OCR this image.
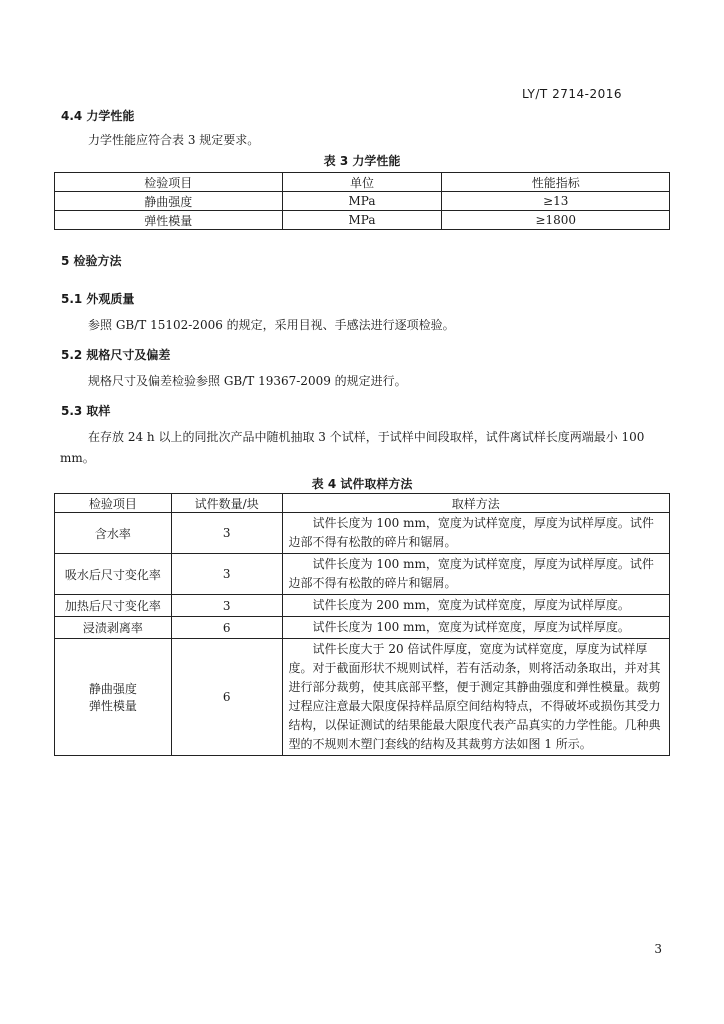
LY/T 2714-2016
4.4 力学性能
力学性能应符合表 3 规定要求。
表 3 力学性能
检验项目	单位	性能指标
静曲强度	MPa	≥13
弹性模量	MPa	≥1800
5 检验方法
5.1 外观质量
参照 GB/T 15102-2006 的规定，采用目视、手感法进行逐项检验。
5.2 规格尺寸及偏差
规格尺寸及偏差检验参照 GB/T 19367-2009 的规定进行。
5.3 取样
在存放 24 h 以上的同批次产品中随机抽取 3 个试样，于试样中间段取样，试件离试样长度两端最小 100 mm。
表 4 试件取样方法
检验项目	试件数量/块	取样方法
含水率	3	试件长度为 100 mm，宽度为试样宽度，厚度为试样厚度。试件边部不得有松散的碎片和锯屑。
吸水后尺寸变化率	3	试件长度为 100 mm，宽度为试样宽度，厚度为试样厚度。试件边部不得有松散的碎片和锯屑。
加热后尺寸变化率	3	试件长度为 200 mm，宽度为试样宽度，厚度为试样厚度。
浸渍剥离率	6	试件长度为 100 mm，宽度为试样宽度，厚度为试样厚度。

静曲强度
弹性模量	6	试件长度大于 20 倍试件厚度，宽度为试样宽度，厚度为试样厚度。对于截面形状不规则试样，若有活动条，则将活动条取出，并对其进行部分裁剪，使其底部平整，便于测定其静曲强度和弹性模量。裁剪过程应注意最大限度保持样品原空间结构特点，不得破坏或损伤其受力结构，以保证测试的结果能最大限度代表产品真实的力学性能。几种典型的不规则木塑门套线的结构及其裁剪方法如图 1 所示。
3
